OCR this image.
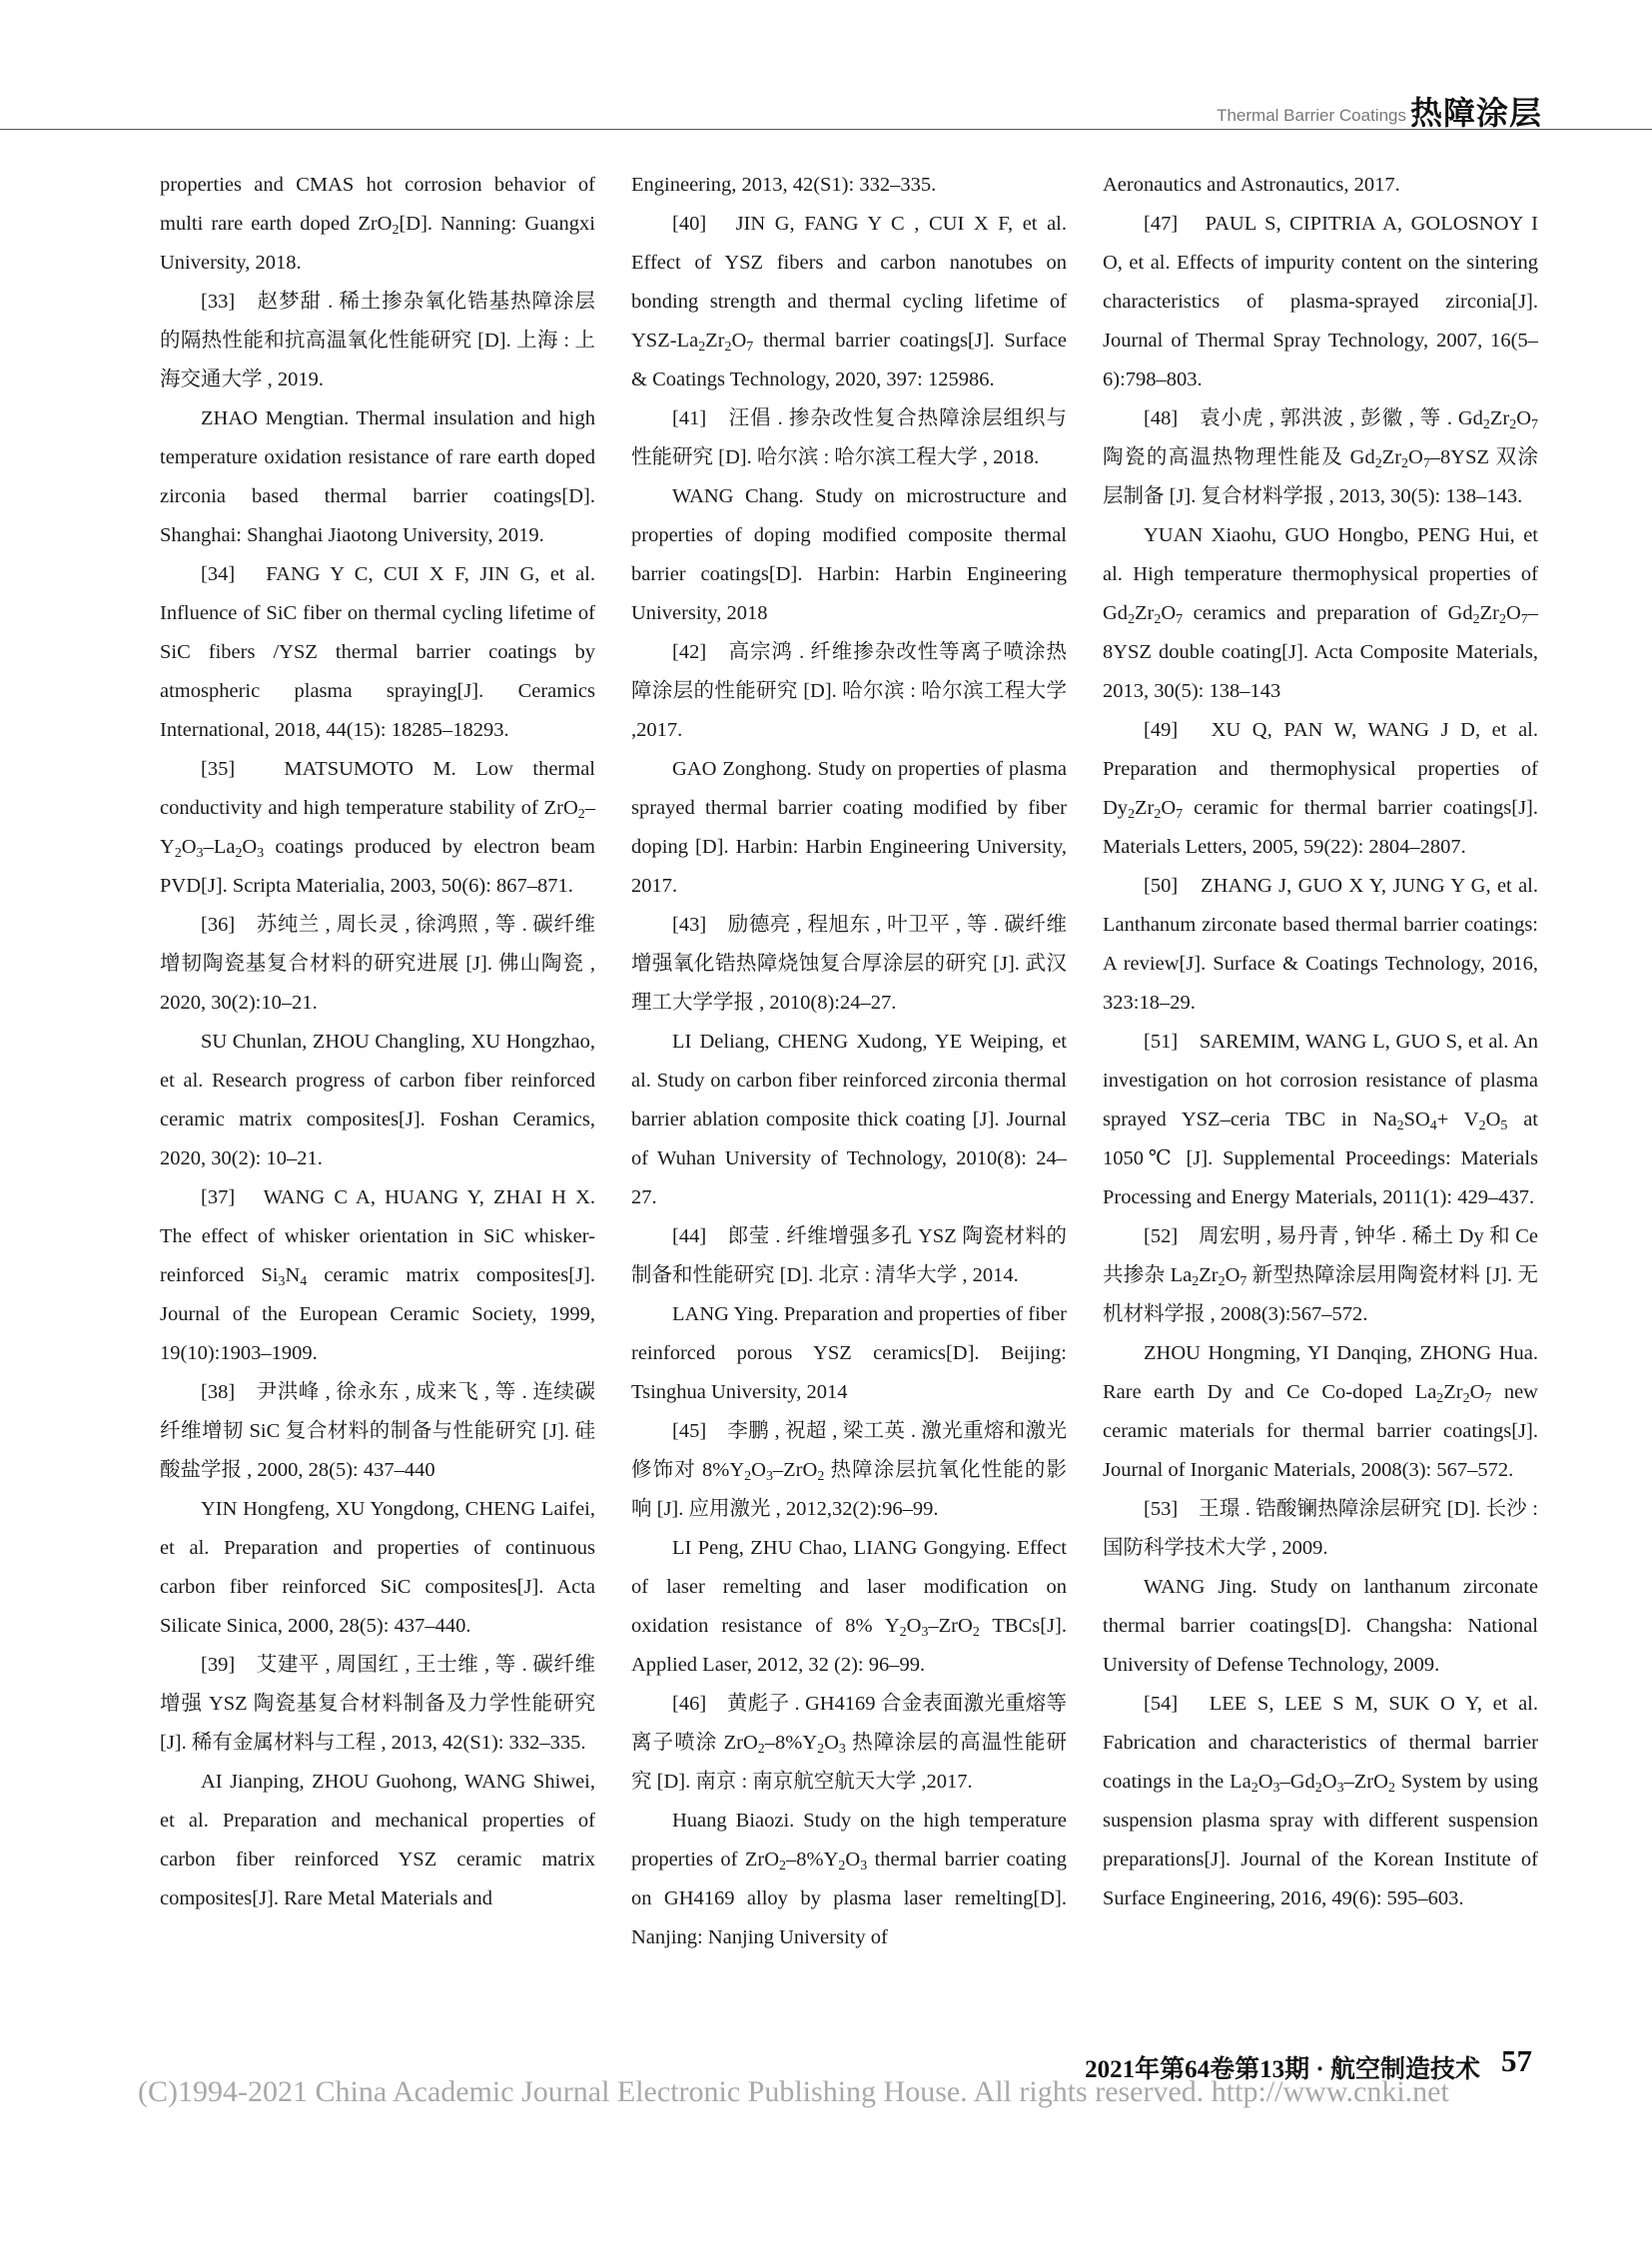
Thermal Barrier Coatings 热障涂层

properties and CMAS hot corrosion behavior of multi rare earth doped ZrO$_2$[D]. Nanning: Guangxi University, 2018.

[33]　赵梦甜 . 稀土掺杂氧化锆基热障涂层的隔热性能和抗高温氧化性能研究 [D]. 上海 : 上海交通大学 , 2019.

ZHAO Mengtian. Thermal insulation and high temperature oxidation resistance of rare earth doped zirconia based thermal barrier coatings[D]. Shanghai: Shanghai Jiaotong University, 2019.

[34]　FANG Y C, CUI X F, JIN G, et al. Influence of SiC fiber on thermal cycling lifetime of SiC fibers /YSZ thermal barrier coatings by atmospheric plasma spraying[J]. Ceramics International, 2018, 44(15): 18285–18293.

[35]　MATSUMOTO M. Low thermal conductivity and high temperature stability of $ZrO_2-Y_2O_3-La_2O_3$ coatings produced by electron beam PVD[J]. Scripta Materialia, 2003, 50(6): 867–871.

[36]　苏纯兰 , 周长灵 , 徐鸿照 , 等 . 碳纤维增韧陶瓷基复合材料的研究进展 [J]. 佛山陶瓷 , 2020, 30(2):10–21.

SU Chunlan, ZHOU Changling, XU Hongzhao, et al. Research progress of carbon fiber reinforced ceramic matrix composites[J]. Foshan Ceramics, 2020, 30(2): 10–21.

[37]　WANG C A, HUANG Y, ZHAI H X. The effect of whisker orientation in SiC whisker-reinforced $Si_3N_4$ ceramic matrix composites[J]. Journal of the European Ceramic Society, 1999, 19(10):1903–1909.

[38]　尹洪峰 , 徐永东 , 成来飞 , 等 . 连续碳纤维增韧 SiC 复合材料的制备与性能研究 [J]. 硅酸盐学报 , 2000, 28(5): 437–440

YIN Hongfeng, XU Yongdong, CHENG Laifei, et al. Preparation and properties of continuous carbon fiber reinforced SiC composites[J]. Acta Silicate Sinica, 2000, 28(5): 437–440.

[39]　艾建平 , 周国红 , 王士维 , 等 . 碳纤维增强 YSZ 陶瓷基复合材料制备及力学性能研究 [J]. 稀有金属材料与工程 , 2013, 42(S1): 332–335.

AI Jianping, ZHOU Guohong, WANG Shiwei, et al. Preparation and mechanical properties of carbon fiber reinforced YSZ ceramic matrix composites[J]. Rare Metal Materials and

Engineering, 2013, 42(S1): 332–335.

[40]　JIN G, FANG Y C , CUI X F, et al. Effect of YSZ fibers and carbon nanotubes on bonding strength and thermal cycling lifetime of YSZ-$La_2Zr_2O_7$ thermal barrier coatings[J]. Surface & Coatings Technology, 2020, 397: 125986.

[41]　汪倡 . 掺杂改性复合热障涂层组织与性能研究 [D]. 哈尔滨 : 哈尔滨工程大学 , 2018.

WANG Chang. Study on microstructure and properties of doping modified composite thermal barrier coatings[D]. Harbin: Harbin Engineering University, 2018

[42]　高宗鸿 . 纤维掺杂改性等离子喷涂热障涂层的性能研究 [D]. 哈尔滨 : 哈尔滨工程大学 ,2017.

GAO Zonghong. Study on properties of plasma sprayed thermal barrier coating modified by fiber doping [D]. Harbin: Harbin Engineering University, 2017.

[43]　励德亮 , 程旭东 , 叶卫平 , 等 . 碳纤维增强氧化锆热障烧蚀复合厚涂层的研究 [J]. 武汉理工大学学报 , 2010(8):24–27.

LI Deliang, CHENG Xudong, YE Weiping, et al. Study on carbon fiber reinforced zirconia thermal barrier ablation composite thick coating [J]. Journal of Wuhan University of Technology, 2010(8): 24–27.

[44]　郎莹 . 纤维增强多孔 YSZ 陶瓷材料的制备和性能研究 [D]. 北京 : 清华大学 , 2014.

LANG Ying. Preparation and properties of fiber reinforced porous YSZ ceramics[D]. Beijing: Tsinghua University, 2014

[45]　李鹏 , 祝超 , 梁工英 . 激光重熔和激光修饰对 $8\%Y_2O_3-ZrO_2$ 热障涂层抗氧化性能的影响 [J]. 应用激光 , 2012,32(2):96–99.

LI Peng, ZHU Chao, LIANG Gongying. Effect of laser remelting and laser modification on oxidation resistance of 8% $Y_2O_3-ZrO_2$ TBCs[J]. Applied Laser, 2012, 32 (2): 96–99.

[46]　黄彪子 . GH4169 合金表面激光重熔等离子喷涂 $ZrO_2-8\%Y_2O_3$ 热障涂层的高温性能研究 [D]. 南京 : 南京航空航天大学 ,2017.

Huang Biaozi. Study on the high temperature properties of $ZrO_2-8\%Y_2O_3$ thermal barrier coating on GH4169 alloy by plasma laser remelting[D]. Nanjing: Nanjing University of

Aeronautics and Astronautics, 2017.

[47]　PAUL S, CIPITRIA A, GOLOSNOY I O, et al. Effects of impurity content on the sintering characteristics of plasma-sprayed zirconia[J]. Journal of Thermal Spray Technology, 2007, 16(5–6):798–803.

[48]　袁小虎 , 郭洪波 , 彭徽 , 等 . $Gd_2Zr_2O_7$ 陶瓷的高温热物理性能及 $Gd_2Zr_2O_7-8YSZ$ 双涂层制备 [J]. 复合材料学报 , 2013, 30(5): 138–143.

YUAN Xiaohu, GUO Hongbo, PENG Hui, et al. High temperature thermophysical properties of $Gd_2Zr_2O_7$ ceramics and preparation of $Gd_2Zr_2O_7-8YSZ$ double coating[J]. Acta Composite Materials, 2013, 30(5): 138–143

[49]　XU Q, PAN W, WANG J D, et al. Preparation and thermophysical properties of $Dy_2Zr_2O_7$ ceramic for thermal barrier coatings[J]. Materials Letters, 2005, 59(22): 2804–2807.

[50]　ZHANG J, GUO X Y, JUNG Y G, et al. Lanthanum zirconate based thermal barrier coatings: A review[J]. Surface & Coatings Technology, 2016, 323:18–29.

[51]　SAREMIM, WANG L, GUO S, et al. An investigation on hot corrosion resistance of plasma sprayed YSZ–ceria TBC in $Na_2SO_4+ V_2O_5$ at 1050℃ [J]. Supplemental Proceedings: Materials Processing and Energy Materials, 2011(1): 429–437.

[52]　周宏明 , 易丹青 , 钟华 . 稀土 Dy 和 Ce 共掺杂 $La_2Zr_2O_7$ 新型热障涂层用陶瓷材料 [J]. 无机材料学报 , 2008(3):567–572.

ZHOU Hongming, YI Danqing, ZHONG Hua. Rare earth Dy and Ce Co-doped $La_2Zr_2O_7$ new ceramic materials for thermal barrier coatings[J]. Journal of Inorganic Materials, 2008(3): 567–572.

[53]　王璟 . 锆酸镧热障涂层研究 [D]. 长沙 : 国防科学技术大学 , 2009.

WANG Jing. Study on lanthanum zirconate thermal barrier coatings[D]. Changsha: National University of Defense Technology, 2009.

[54]　LEE S, LEE S M, SUK O Y, et al. Fabrication and characteristics of thermal barrier coatings in the $La_2O_3-Gd_2O_3-ZrO_2$ System by using suspension plasma spray with different suspension preparations[J]. Journal of the Korean Institute of Surface Engineering, 2016, 49(6): 595–603.

2021年第64卷第13期 · 航空制造技术 57
(C)1994-2021 China Academic Journal Electronic Publishing House. All rights reserved. http://www.cnki.net
